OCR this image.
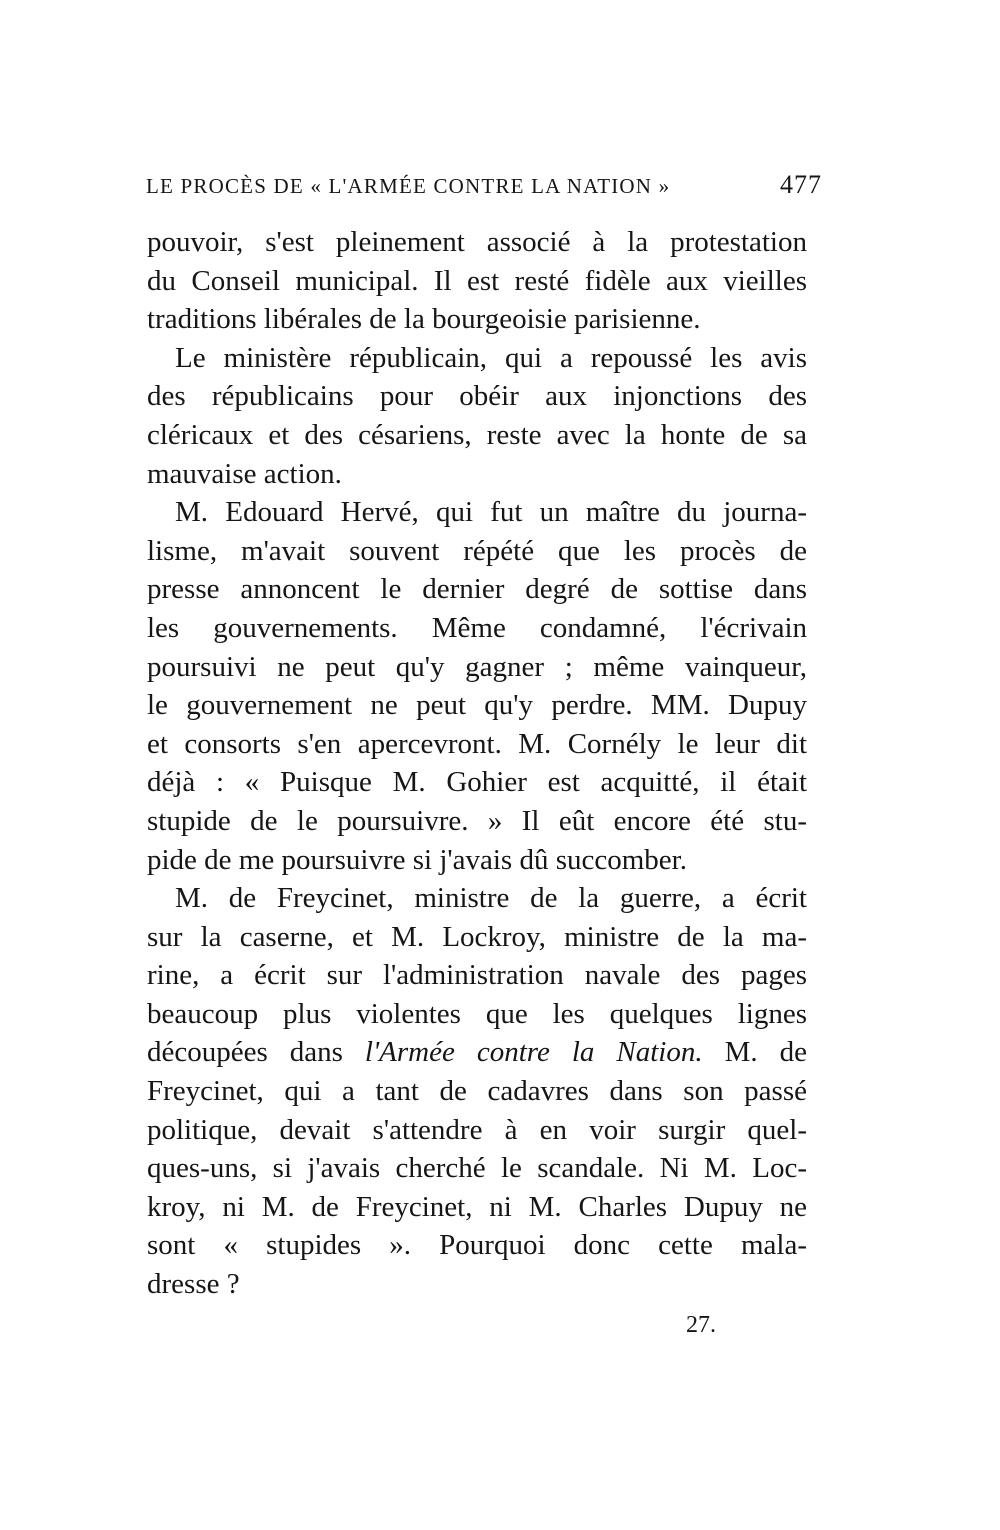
LE PROCÈS DE « L'ARMÉE CONTRE LA NATION »	477
pouvoir, s'est pleinement associé à la protestation
du Conseil municipal. Il est resté fidèle aux vieilles
traditions libérales de la bourgeoisie parisienne.
Le ministère républicain, qui a repoussé les avis
des républicains pour obéir aux injonctions des
cléricaux et des césariens, reste avec la honte de sa
mauvaise action.
M. Edouard Hervé, qui fut un maître du journa-
lisme, m'avait souvent répété que les procès de
presse annoncent le dernier degré de sottise dans
les gouvernements. Même condamné, l'écrivain
poursuivi ne peut qu'y gagner ; même vainqueur,
le gouvernement ne peut qu'y perdre. MM. Dupuy
et consorts s'en apercevront. M. Cornély le leur dit
déjà : « Puisque M. Gohier est acquitté, il était
stupide de le poursuivre. » Il eût encore été stu-
pide de me poursuivre si j'avais dû succomber.
M. de Freycinet, ministre de la guerre, a écrit
sur la caserne, et M. Lockroy, ministre de la ma-
rine, a écrit sur l'administration navale des pages
beaucoup plus violentes que les quelques lignes
découpées dans l'Armée contre la Nation. M. de
Freycinet, qui a tant de cadavres dans son passé
politique, devait s'attendre à en voir surgir quel-
ques-uns, si j'avais cherché le scandale. Ni M. Loc-
kroy, ni M. de Freycinet, ni M. Charles Dupuy ne
sont « stupides ». Pourquoi donc cette mala-
dresse ?
27.
